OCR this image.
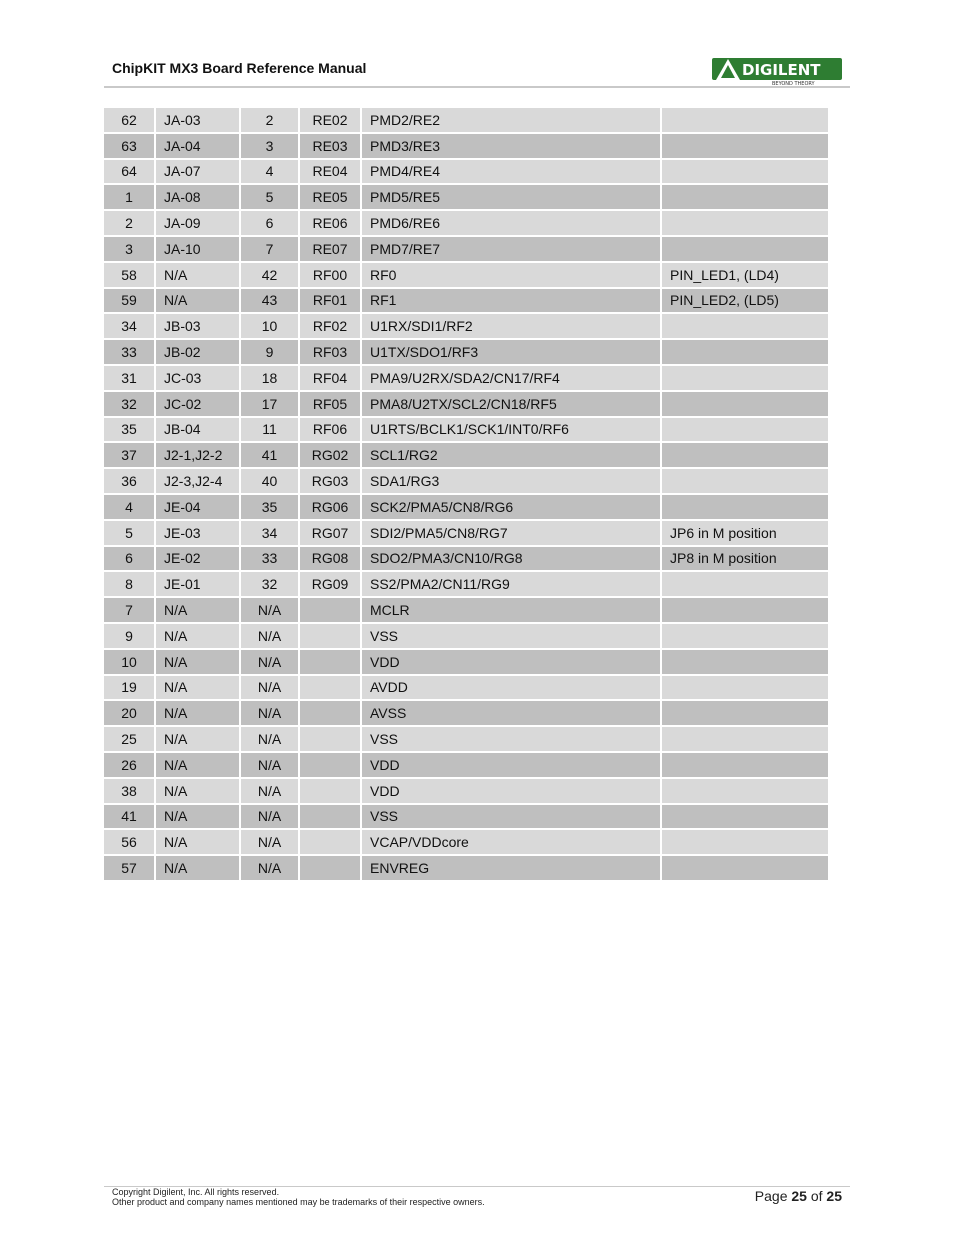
ChipKIT MX3 Board Reference Manual	DIGILENT
BEYOND THEORY
62	JA-03	2	RE02	PMD2/RE2	
63	JA-04	3	RE03	PMD3/RE3	
64	JA-07	4	RE04	PMD4/RE4	
1	JA-08	5	RE05	PMD5/RE5	
2	JA-09	6	RE06	PMD6/RE6	
3	JA-10	7	RE07	PMD7/RE7	
58	N/A	42	RF00	RF0	PIN_LED1, (LD4)
59	N/A	43	RF01	RF1	PIN_LED2, (LD5)
34	JB-03	10	RF02	U1RX/SDI1/RF2	
33	JB-02	9	RF03	U1TX/SDO1/RF3	
31	JC-03	18	RF04	PMA9/U2RX/SDA2/CN17/RF4	
32	JC-02	17	RF05	PMA8/U2TX/SCL2/CN18/RF5	
35	JB-04	11	RF06	U1RTS/BCLK1/SCK1/INT0/RF6	
37	J2-1,J2-2	41	RG02	SCL1/RG2	
36	J2-3,J2-4	40	RG03	SDA1/RG3	
4	JE-04	35	RG06	SCK2/PMA5/CN8/RG6	
5	JE-03	34	RG07	SDI2/PMA5/CN8/RG7	JP6 in M position
6	JE-02	33	RG08	SDO2/PMA3/CN10/RG8	JP8 in M position
8	JE-01	32	RG09	SS2/PMA2/CN11/RG9	
7	N/A	N/A		MCLR	
9	N/A	N/A		VSS	
10	N/A	N/A		VDD	
19	N/A	N/A		AVDD	
20	N/A	N/A		AVSS	
25	N/A	N/A		VSS	
26	N/A	N/A		VDD	
38	N/A	N/A		VDD	
41	N/A	N/A		VSS	
56	N/A	N/A		VCAP/VDDcore	
57	N/A	N/A		ENVREG	
Copyright Digilent, Inc. All rights reserved.
Other product and company names mentioned may be trademarks of their respective owners.	Page 25 of 25
